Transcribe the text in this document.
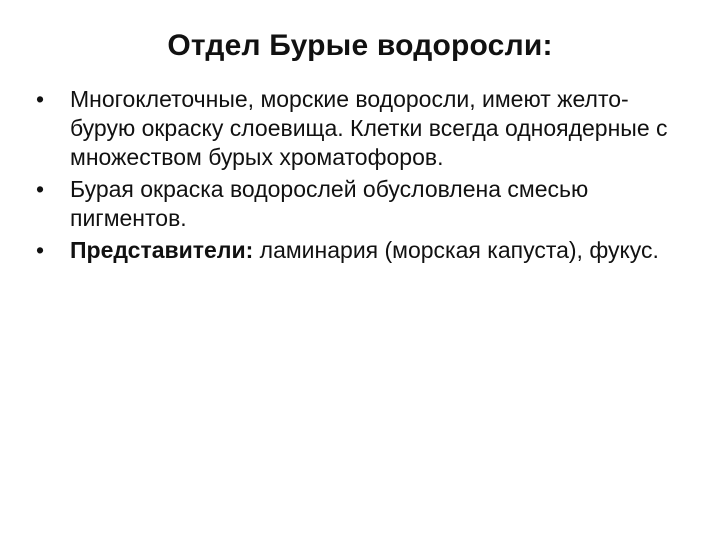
Отдел Бурые водоросли:
•	Многоклеточные, морские водоросли, имеют желто-бурую окраску слоевища. Клетки всегда одноядерные с множеством бурых хроматофоров.
•	Бурая окраска водорослей обусловлена смесью пигментов.
•	Представители: ламинария (морская капуста), фукус.
